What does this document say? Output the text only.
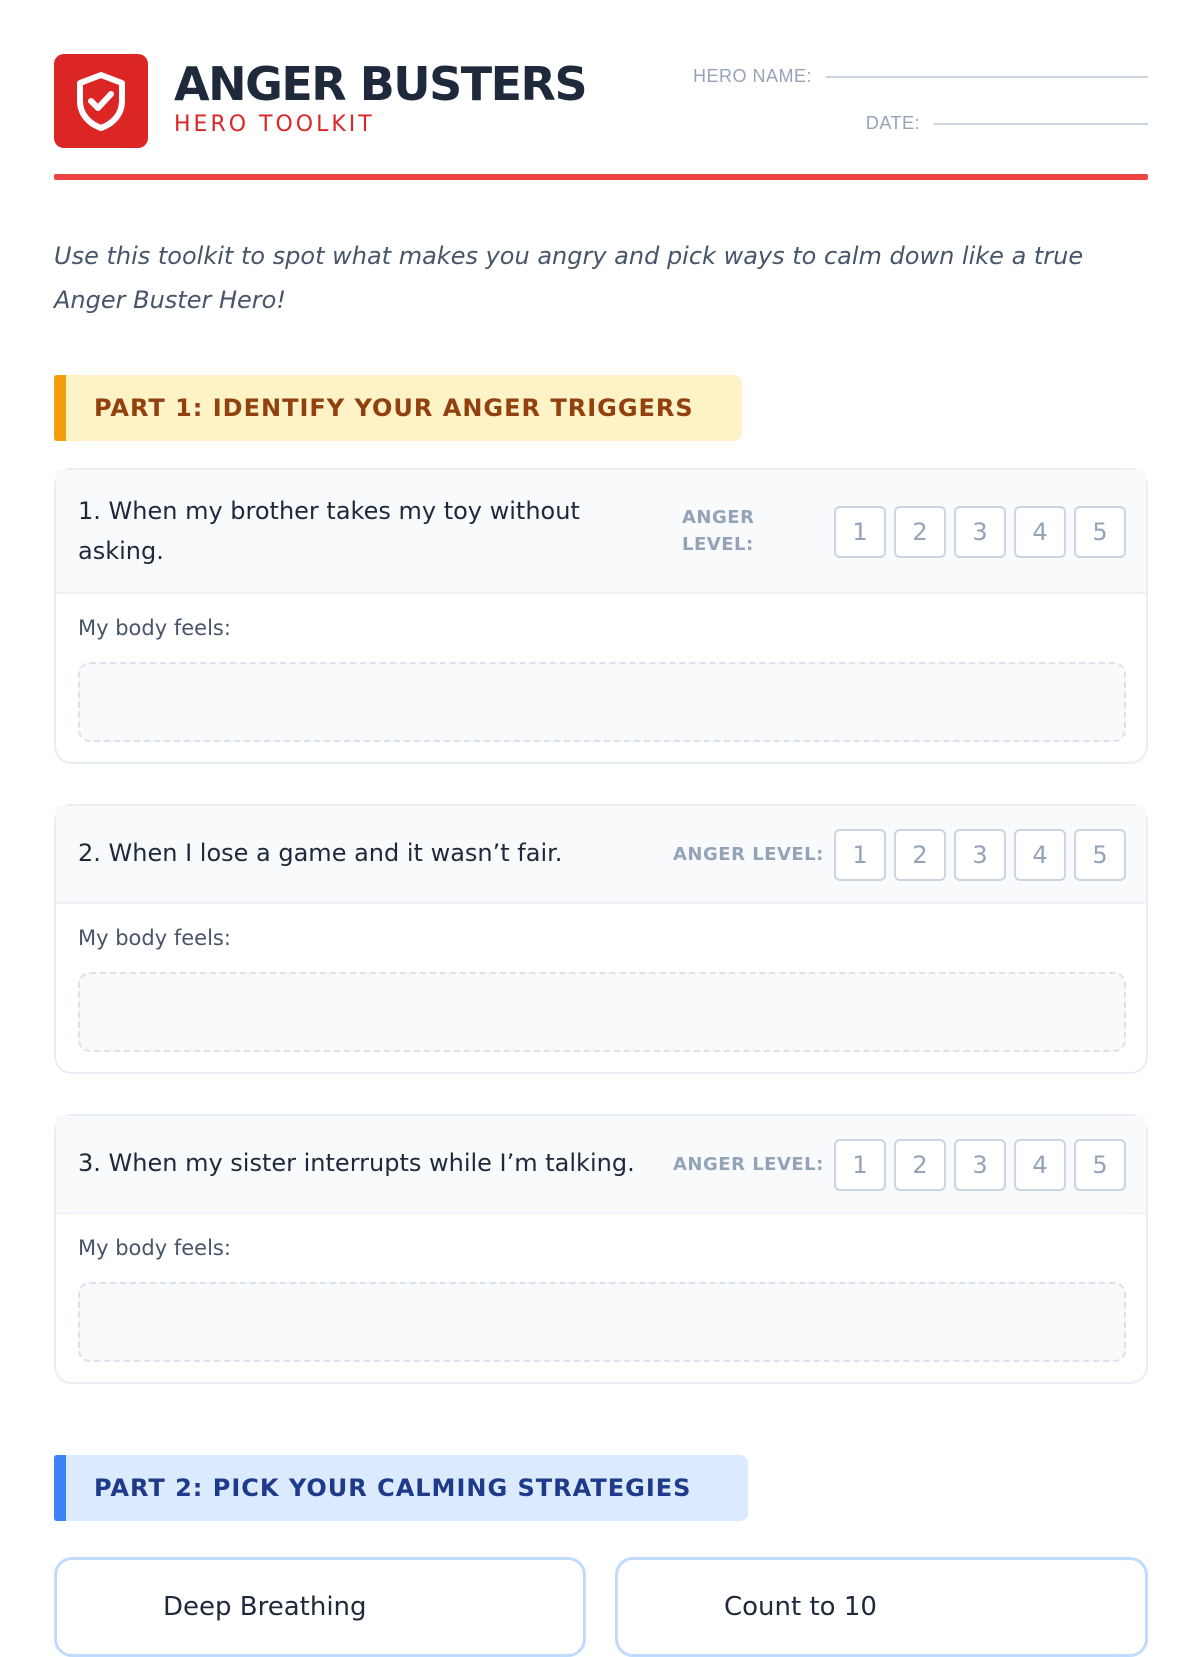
ANGER BUSTERS
HERO TOOLKIT
HERO NAME:
DATE:

Use this toolkit to spot what makes you angry and pick ways to calm down like a true Anger Buster Hero!

PART 1: IDENTIFY YOUR ANGER TRIGGERS
1. When my brother takes my toy without asking.
ANGER LEVEL:	1	2	3	4	5
My body feels:
2. When I lose a game and it wasn’t fair.	ANGER LEVEL:	1	2	3	4	5
My body feels:
3. When my sister interrupts while I’m talking.	ANGER LEVEL:	1	2	3	4	5
My body feels:
PART 2: PICK YOUR CALMING STRATEGIES
Deep Breathing	Count to 10
